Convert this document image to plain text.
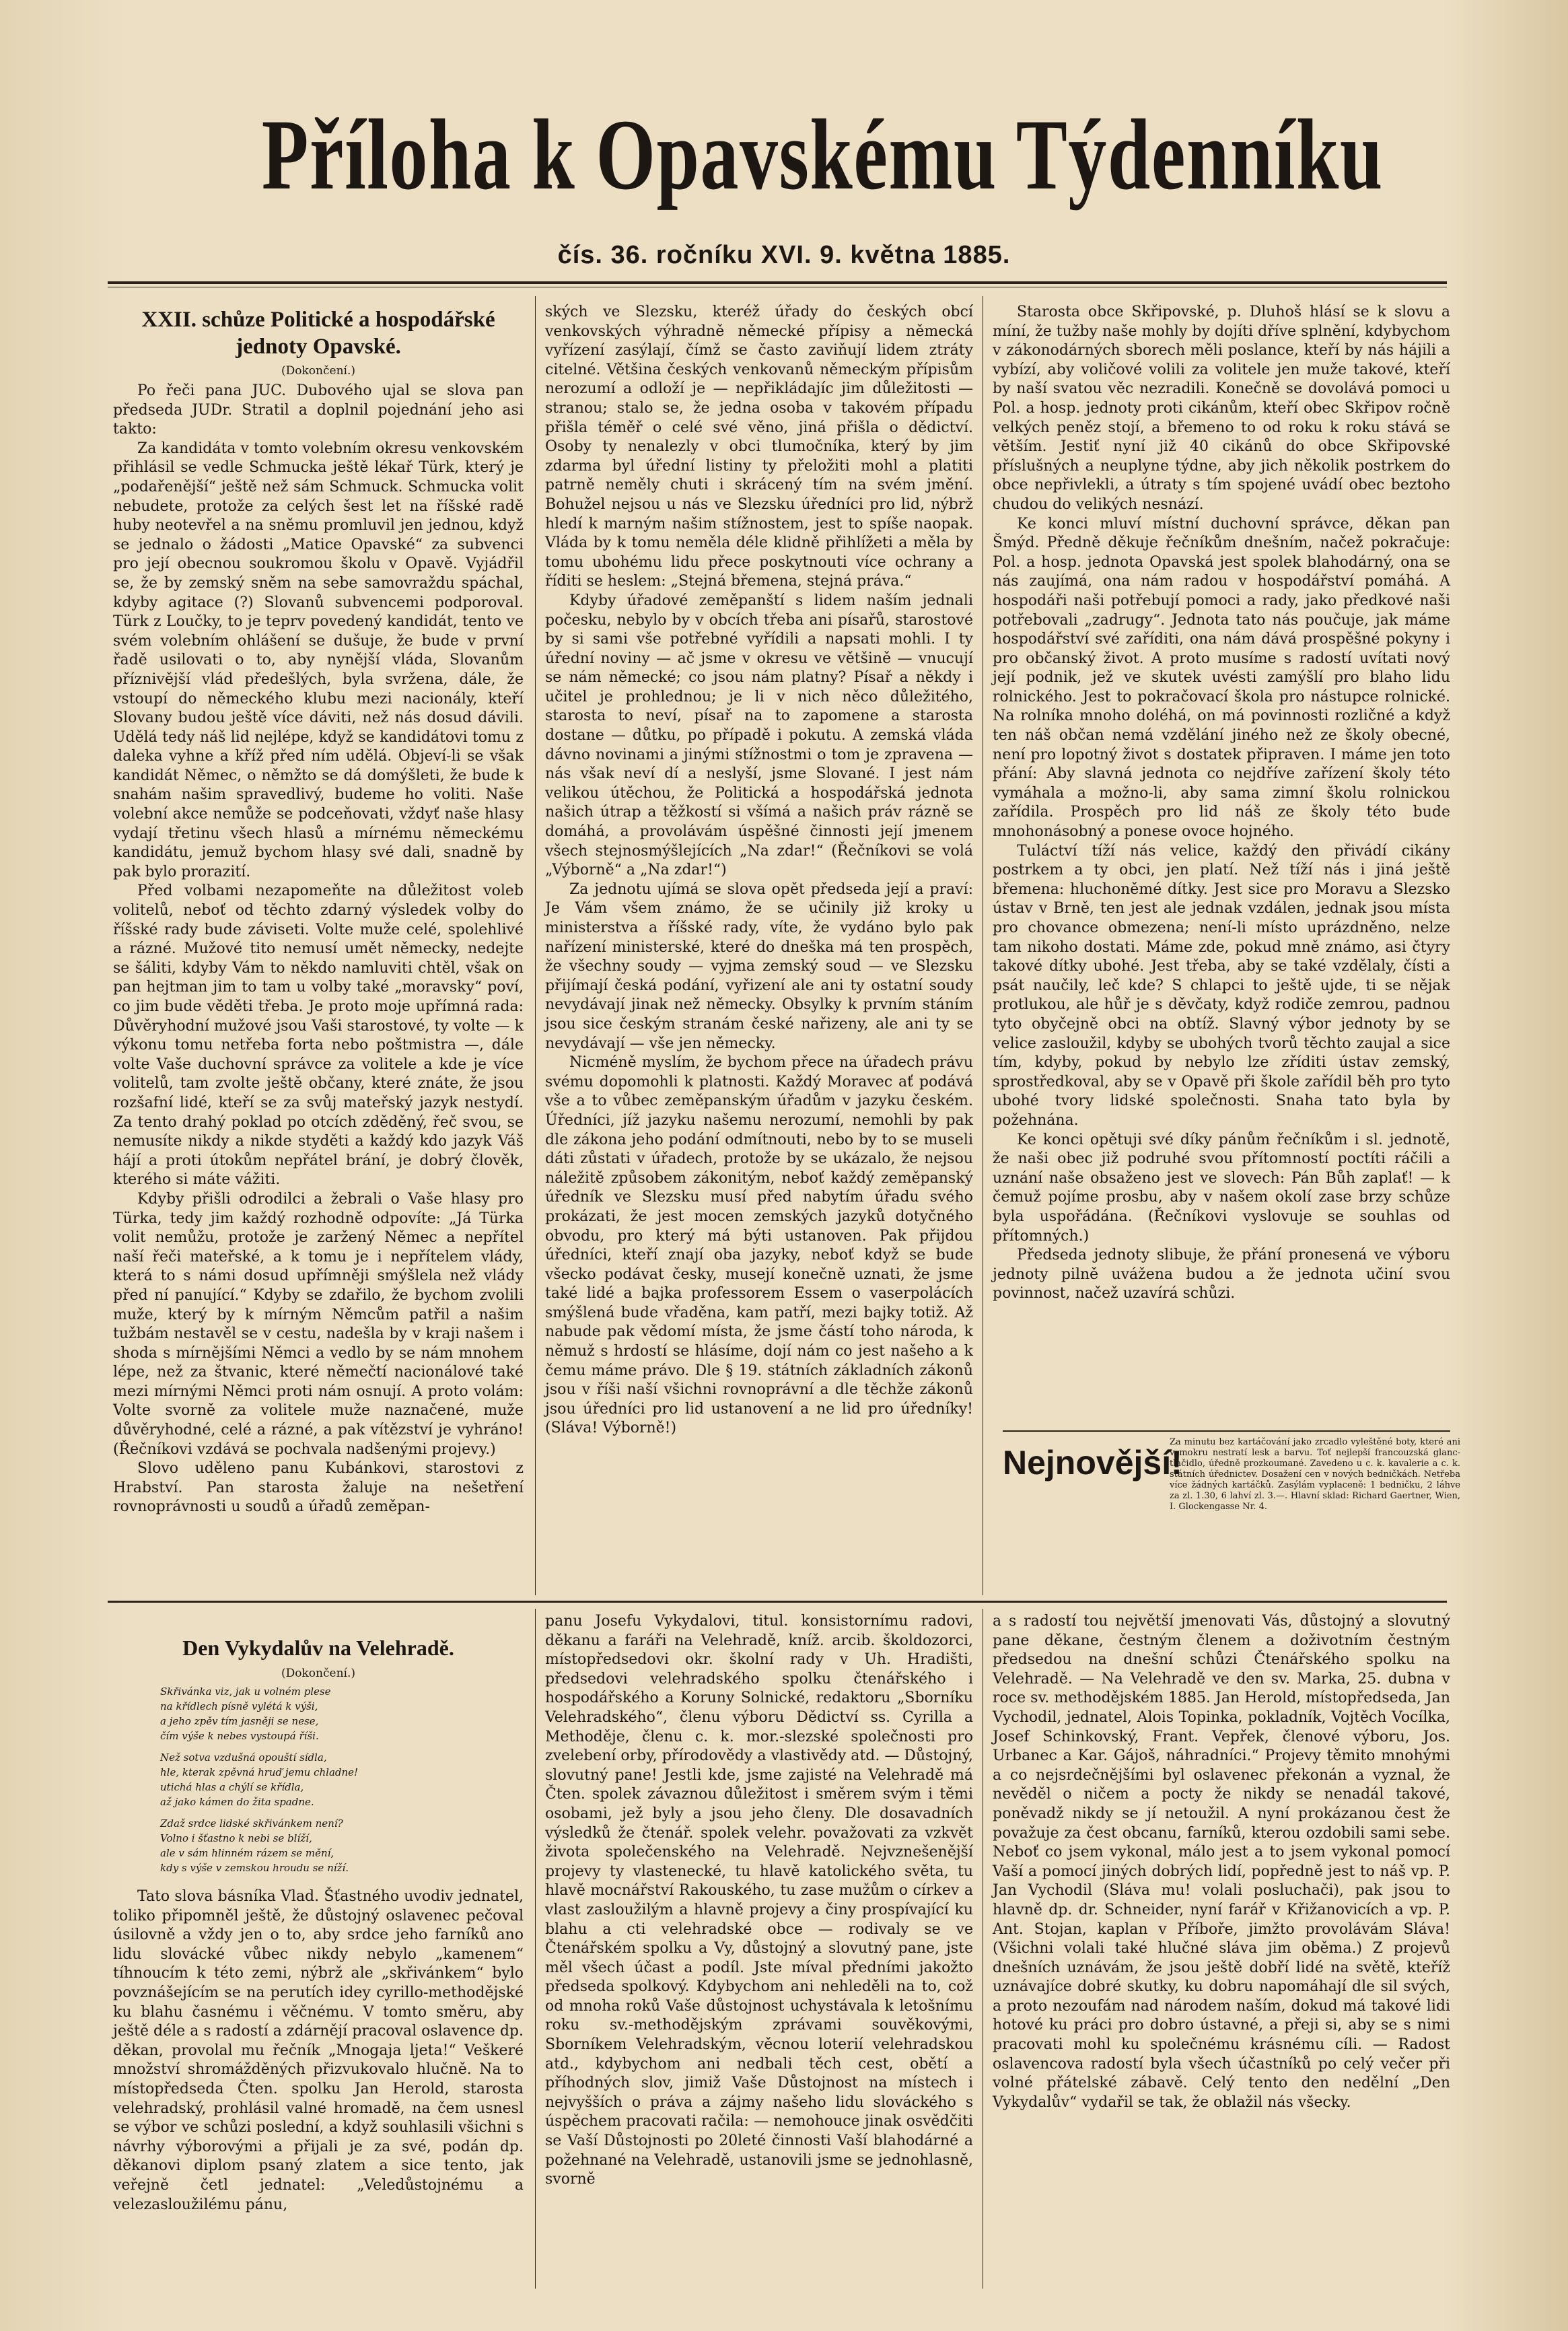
Příloha k Opavskému Týdenníku
čís. 36. ročníku XVI. 9. května 1885.
XXII. schůze Politické a hospodářské jednoty Opavské.
(Dokončení.)

Po řeči pana JUC. Dubového ujal se slova pan předseda JUDr. Stratil a doplnil pojednání jeho asi takto:

Za kandidáta v tomto volebním okresu venkovském přihlásil se vedle Schmucka ještě lékař Türk, který je „podařenější“ ještě než sám Schmuck. Schmucka volit nebudete, protože za celých šest let na říšské radě huby neotevřel a na sněmu promluvil jen jednou, když se jednalo o žádosti „Matice Opavské“ za subvenci pro její obecnou soukromou školu v Opavě. Vyjádřil se, že by zemský sněm na sebe samovraždu spáchal, kdyby agitace (?) Slovanů subvencemi podporoval. Türk z Loučky, to je teprv povedený kandidát, tento ve svém volebním ohlášení se dušuje, že bude v první řadě usilovati o to, aby nynější vláda, Slovanům příznivější vlád předešlých, byla svržena, dále, že vstoupí do německého klubu mezi nacionály, kteří Slovany budou ještě více dáviti, než nás dosud dávili. Udělá tedy náš lid nejlépe, když se kandidátovi tomu z daleka vyhne a kříž před ním udělá. Objeví-li se však kandidát Němec, o němžto se dá domýšleti, že bude k snahám našim spravedlivý, budeme ho voliti. Naše volební akce nemůže se podceňovati, vždyť naše hlasy vydají třetinu všech hlasů a mírnému německému kandidátu, jemuž bychom hlasy své dali, snadně by pak bylo prorazití.

Před volbami nezapomeňte na důležitost voleb volitelů, neboť od těchto zdarný výsledek volby do říšské rady bude záviseti. Volte muže celé, spolehlivé a rázné. Mužové tito nemusí umět německy, nedejte se šáliti, kdyby Vám to někdo namluviti chtěl, však on pan hejtman jim to tam u volby také „moravsky“ poví, co jim bude věděti třeba. Je proto moje upřímná rada: Důvěryhodní mužové jsou Vaši starostové, ty volte — k výkonu tomu netřeba forta nebo poštmistra —, dále volte Vaše duchovní správce za volitele a kde je více volitelů, tam zvolte ještě občany, které znáte, že jsou rozšafní lidé, kteří se za svůj mateřský jazyk nestydí. Za tento drahý poklad po otcích zděděný, řeč svou, se nemusíte nikdy a nikde styděti a každý kdo jazyk Váš hájí a proti útokům nepřátel brání, je dobrý člověk, kterého si máte vážiti.

Kdyby přišli odrodilci a žebrali o Vaše hlasy pro Türka, tedy jim každý rozhodně odpovíte: „Já Türka volit nemůžu, protože je zaržený Němec a nepřítel naší řeči mateřské, a k tomu je i nepřítelem vlády, která to s námi dosud upřímněji smýšlela než vlády před ní panující.“ Kdyby se zdařilo, že bychom zvolili muže, který by k mírným Němcům patřil a našim tužbám nestavěl se v cestu, nadešla by v kraji našem i shoda s mírnějšími Němci a vedlo by se nám mnohem lépe, než za štvanic, které němečtí nacionálové také mezi mírnými Němci proti nám osnují. A proto volám: Volte svorně za volitele muže naznačené, muže důvěryhodné, celé a rázné, a pak vítězství je vyhráno! (Řečníkovi vzdává se pochvala nadšenými projevy.)

Slovo uděleno panu Kubánkovi, starostovi z Hrabství. Pan starosta žaluje na nešetření rovnoprávnosti u soudů a úřadů zeměpan-

ských ve Slezsku, kteréž úřady do českých obcí venkovských výhradně německé přípisy a německá vyřízení zasýlají, čímž se často zaviňují lidem ztráty citelné. Většina českých venkovanů německým přípisům nerozumí a odloží je — nepřikládajíc jim důležitosti — stranou; stalo se, že jedna osoba v takovém případu přišla téměř o celé své věno, jiná přišla o dědictví. Osoby ty nenalezly v obci tlumočníka, který by jim zdarma byl úřední listiny ty přeložiti mohl a platiti patrně neměly chuti i skrácený tím na svém jmění. Bohužel nejsou u nás ve Slezsku úředníci pro lid, nýbrž hledí k marným našim stížnostem, jest to spíše naopak. Vláda by k tomu neměla déle klidně přihlížeti a měla by tomu ubohému lidu přece poskytnouti více ochrany a říditi se heslem: „Stejná břemena, stejná práva.“

Kdyby úřadové zeměpanští s lidem naším jednali počesku, nebylo by v obcích třeba ani písařů, starostové by si sami vše potřebné vyřídili a napsati mohli. I ty úřední noviny — ač jsme v okresu ve většině — vnucují se nám německé; co jsou nám platny? Písař a někdy i učitel je prohlednou; je li v nich něco důležitého, starosta to neví, písař na to zapomene a starosta dostane — důtku, po případě i pokutu. A zemská vláda dávno novinami a jinými stížnostmi o tom je zpravena — nás však neví dí a neslyší, jsme Slované. I jest nám velikou útěchou, že Politická a hospodářská jednota našich útrap a těžkostí si všímá a našich práv rázně se domáhá, a provolávám úspěšné činnosti její jmenem všech stejnosmýšlejících „Na zdar!“ (Řečníkovi se volá „Výborně“ a „Na zdar!“)

Za jednotu ujímá se slova opět předseda její a praví: Je Vám všem známo, že se učinily již kroky u ministerstva a říšské rady, víte, že vydáno bylo pak nařízení ministerské, které do dneška má ten prospěch, že všechny soudy — vyjma zemský soud — ve Slezsku přijímají česká podání, vyřizení ale ani ty ostatní soudy nevydávají jinak než německy. Obsylky k prvním stáním jsou sice českým stranám české nařizeny, ale ani ty se nevydávají — vše jen německy.

Nicméně myslím, že bychom přece na úřadech právu svému dopomohli k platnosti. Každý Moravec ať podává vše a to vůbec zeměpanským úřadům v jazyku českém. Úředníci, jíž jazyku našemu nerozumí, nemohli by pak dle zákona jeho podání odmítnouti, nebo by to se museli dáti zůstati v úřadech, protože by se ukázalo, že nejsou náležitě způsobem zákonitým, neboť každý zeměpanský úředník ve Slezsku musí před nabytím úřadu svého prokázati, že jest mocen zemských jazyků dotyčného obvodu, pro který má býti ustanoven. Pak přijdou úředníci, kteří znají oba jazyky, neboť když se bude všecko podávat česky, musejí konečně uznati, že jsme také lidé a bajka professorem Essem o vaserpolácích smýšlená bude vřaděna, kam patří, mezi bajky totiž. Až nabude pak vědomí místa, že jsme částí toho národa, k němuž s hrdostí se hlásíme, dojí nám co jest našeho a k čemu máme právo. Dle § 19. státních základních zákonů jsou v říši naší všichni rovnoprávní a dle těchže zákonů jsou úředníci pro lid ustanovení a ne lid pro úředníky! (Sláva! Výborně!)

Starosta obce Skřipovské, p. Dluhoš hlásí se k slovu a míní, že tužby naše mohly by dojíti dříve splnění, kdybychom v zákonodárných sborech měli poslance, kteří by nás hájili a vybízí, aby voličové volili za volitele jen muže takové, kteří by naší svatou věc nezradili. Konečně se dovolává pomoci u Pol. a hosp. jednoty proti cikánům, kteří obec Skřipov ročně velkých peněz stojí, a břemeno to od roku k roku stává se větším. Jestiť nyní již 40 cikánů do obce Skřipovské příslušných a neuplyne týdne, aby jich několik postrkem do obce nepřivlekli, a útraty s tím spojené uvádí obec beztoho chudou do velikých nesnází.

Ke konci mluví místní duchovní správce, děkan pan Šmýd. Předně děkuje řečníkům dnešním, načež pokračuje: Pol. a hosp. jednota Opavská jest spolek blahodárný, ona se nás zaujímá, ona nám radou v hospodářství pomáhá. A hospodáři naši potřebují pomoci a rady, jako předkové naši potřebovali „zadrugy“. Jednota tato nás poučuje, jak máme hospodářství své zaříditi, ona nám dává prospěšné pokyny i pro občanský život. A proto musíme s radostí uvítati nový její podnik, jež ve skutek uvésti zamýšlí pro blaho lidu rolnického. Jest to pokračovací škola pro nástupce rolnické. Na rolníka mnoho doléhá, on má povinnosti rozličné a když ten náš občan nemá vzdělání jiného než ze školy obecné, není pro lopotný život s dostatek připraven. I máme jen toto přání: Aby slavná jednota co nejdříve zařízení školy této vymáhala a možno-li, aby sama zimní školu rolnickou zařídila. Prospěch pro lid náš ze školy této bude mnohonásobný a ponese ovoce hojného.

Tuláctví tíží nás velice, každý den přivádí cikány postrkem a ty obci, jen platí. Než tíží nás i jiná ještě břemena: hluchoněmé dítky. Jest sice pro Moravu a Slezsko ústav v Brně, ten jest ale jednak vzdálen, jednak jsou místa pro chovance obmezena; není-li místo uprázdněno, nelze tam nikoho dostati. Máme zde, pokud mně známo, asi čtyry takové dítky ubohé. Jest třeba, aby se také vzdělaly, čísti a psát naučily, leč kde? S chlapci to ještě ujde, ti se nějak protlukou, ale hůř je s děvčaty, když rodiče zemrou, padnou tyto obyčejně obci na obtíž. Slavný výbor jednoty by se velice zasloužil, kdyby se ubohých tvorů těchto zaujal a sice tím, kdyby, pokud by nebylo lze zříditi ústav zemský, sprostředkoval, aby se v Opavě při škole zařídil běh pro tyto ubohé tvory lidské společnosti. Snaha tato byla by požehnána.

Ke konci opětuji své díky pánům řečníkům i sl. jednotě, že naši obec již podruhé svou přítomností poctíti ráčili a uznání naše obsaženo jest ve slovech: Pán Bůh zaplať! — k čemuž pojíme prosbu, aby v našem okolí zase brzy schůze byla uspořádána. (Řečníkovi vyslovuje se souhlas od přítomných.)

Předseda jednoty slibuje, že přání pronesená ve výboru jednoty pilně uvážena budou a že jednota učiní svou povinnost, načež uzavírá schůzi.

Nejnovější!
Za minutu bez kartáčování jako zrcadlo vyleštěné boty, které ani v mokru nestratí lesk a barvu. Toť nejlepší francouzská glanc-tlačidlo, úředně prozkoumané. Zavedeno u c. k. kavalerie a c. k. státních úřednictev. Dosažení cen v nových bedničkách. Netřeba více žádných kartáčků. Zasýlám vyplaceně: 1 bedničku, 2 láhve za zl. 1.30, 6 lahví zl. 3.—. Hlavní sklad: Richard Gaertner, Wien, I. Glockengasse Nr. 4.
Den Vykydalův na Velehradě.
(Dokončení.)
Skřivánka viz, jak u volném plese
na křídlech písně vylétá k výši,
a jeho zpěv tím jasněji se nese,
čím výše k nebes vystoupá říši.
Než sotva vzdušná opouští sídla,
hle, kterak zpěvná hruď jemu chladne!
utichá hlas a chýlí se křídla,
až jako kámen do žita spadne.
Zdaž srdce lidské skřivánkem není?
Volno i šťastno k nebi se blíží,
ale v sám hlinném rázem se mění,
kdy s výše v zemskou hroudu se níží.

Tato slova básníka Vlad. Šťastného uvodiv jednatel, toliko připomněl ještě, že důstojný oslavenec pečoval úsilovně a vždy jen o to, aby srdce jeho farníků ano lidu slovácké vůbec nikdy nebylo „kamenem“ tíhnoucím k této zemi, nýbrž ale „skřivánkem“ bylo povznášejícím se na perutích idey cyrillo-methodějské ku blahu časnému i věčnému. V tomto směru, aby ještě déle a s radostí a zdárnějí pracoval oslavence dp. děkan, provolal mu řečník „Mnogaja ljeta!“ Veškeré množství shromážděných přizvukovalo hlučně. Na to místopředseda Čten. spolku Jan Herold, starosta velehradský, prohlásil valné hromadě, na čem usnesl se výbor ve schůzi poslední, a když souhlasili všichni s návrhy výborovými a přijali je za své, podán dp. děkanovi diplom psaný zlatem a sice tento, jak veřejně četl jednatel: „Veledůstojnému a velezasloužilému pánu,

panu Josefu Vykydalovi, titul. konsistornímu radovi, děkanu a faráři na Velehradě, kníž. arcib. školdozorci, místopředsedovi okr. školní rady v Uh. Hradišti, předsedovi velehradského spolku čtenářského i hospodářského a Koruny Solnické, redaktoru „Sborníku Velehradského“, členu výboru Dědictví ss. Cyrilla a Methoděje, členu c. k. mor.-slezské společnosti pro zvelebení orby, přírodovědy a vlastivědy atd. — Důstojný, slovutný pane! Jestli kde, jsme zajisté na Velehradě má Čten. spolek závaznou důležitost i směrem svým i těmi osobami, jež byly a jsou jeho členy. Dle dosavadních výsledků že čtenář. spolek velehr. považovati za vzkvět života společenského na Velehradě. Nejvznešenější projevy ty vlastenecké, tu hlavě katolického světa, tu hlavě mocnářství Rakouského, tu zase mužům o církev a vlast zasloužilým a hlavně projevy a činy prospívající ku blahu a cti velehradské obce — rodivaly se ve Čtenářském spolku a Vy, důstojný a slovutný pane, jste měl všech účast a podíl. Jste míval předními jakožto předseda spolkový. Kdybychom ani nehleděli na to, což od mnoha roků Vaše důstojnost uchystávala k letošnímu roku sv.-methodějským zprávami souvěkovými, Sborníkem Velehradským, věcnou loterií velehradskou atd., kdybychom ani nedbali těch cest, obětí a příhodných slov, jimiž Vaše Důstojnost na místech i nejvyšších o práva a zájmy našeho lidu slováckého s úspěchem pracovati račila: — nemohouce jinak osvědčiti se Vaší Důstojnosti po 20leté činnosti Vaší blahodárné a požehnané na Velehradě, ustanovili jsme se jednohlasně, svorně

a s radostí tou největší jmenovati Vás, důstojný a slovutný pane děkane, čestným členem a doživotním čestným předsedou na dnešní schůzi Čtenářského spolku na Velehradě. — Na Velehradě ve den sv. Marka, 25. dubna v roce sv. methodějském 1885. Jan Herold, místopředseda, Jan Vychodil, jednatel, Alois Topinka, pokladník, Vojtěch Vocílka, Josef Schinkovský, Frant. Vepřek, členové výboru, Jos. Urbanec a Kar. Gájoš, náhradníci.“ Projevy těmito mnohými a co nejsrdečnějšími byl oslavenec překonán a vyznal, že nevěděl o ničem a pocty že nikdy se nenadál takové, poněvadž nikdy se jí netoužil. A nyní prokázanou čest že považuje za čest obcanu, farníků, kterou ozdobili sami sebe. Neboť co jsem vykonal, málo jest a to jsem vykonal pomocí Vaší a pomocí jiných dobrých lidí, popředně jest to náš vp. P. Jan Vychodil (Sláva mu! volali posluchači), pak jsou to hlavně dp. dr. Schneider, nyní farář v Křižanovicích a vp. P. Ant. Stojan, kaplan v Příboře, jimžto provolávám Sláva! (Všichni volali také hlučné sláva jim oběma.) Z projevů dnešních uznávám, že jsou ještě dobří lidé na světě, kteříž uznávajíce dobré skutky, ku dobru napomáhají dle sil svých, a proto nezoufám nad národem naším, dokud má takové lidi hotové ku práci pro dobro ústavné, a přeji si, aby se s nimi pracovati mohl ku společnému krásnému cíli. — Radost oslavencova radostí byla všech účastníků po celý večer při volné přátelské zábavě. Celý tento den nedělní „Den Vykydalův“ vydařil se tak, že oblažil nás všecky.
